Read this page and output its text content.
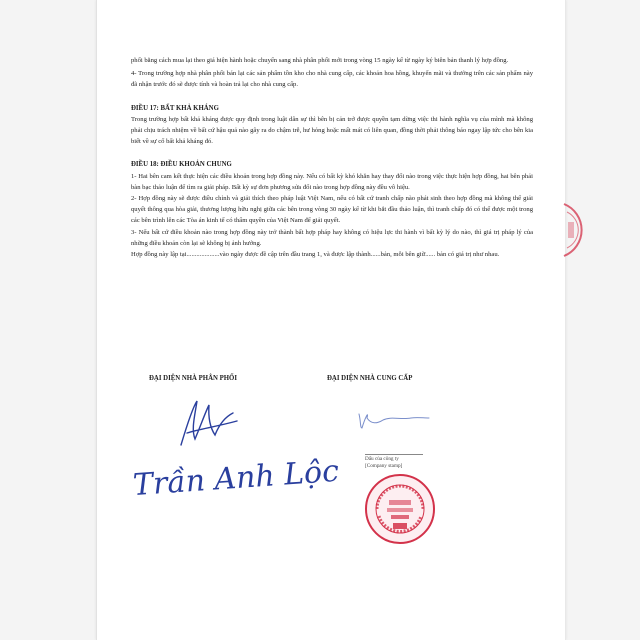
phối bằng cách mua lại theo giá hiện hành hoặc chuyển sang nhà phân phối mới trong vòng 15 ngày kể từ ngày ký biên bản thanh lý hợp đồng.

4- Trong trường hợp nhà phân phối bán lại các sản phẩm tồn kho cho nhà cung cấp, các khoản hoa hồng, khuyến mãi và thưởng trên các sản phẩm này đã nhận trước đó sẽ được tính và hoàn trả lại cho nhà cung cấp.

ĐIỀU 17: BẤT KHẢ KHÁNG

Trong trường hợp bất khả kháng được quy định trong luật dân sự thì bên bị cản trở được quyền tạm dừng việc thi hành nghĩa vụ của mình mà không phải chịu trách nhiệm về bất cứ hậu quả nào gây ra do chậm trễ, hư hỏng hoặc mất mát có liên quan, đồng thời phải thông báo ngay lập tức cho bên kia biết về sự cố bất khả kháng đó.

ĐIỀU 18: ĐIỀU KHOẢN CHUNG

1- Hai bên cam kết thực hiện các điều khoản trong hợp đồng này. Nếu có bất kỳ khó khăn hay thay đổi nào trong việc thực hiện hợp đồng, hai bên phải bàn bạc thảo luận để tìm ra giải pháp. Bất kỳ sự đơn phương sửa đổi nào trong hợp đồng này đều vô hiệu.

2- Hợp đồng này sẽ được điều chỉnh và giải thích theo pháp luật Việt Nam, nếu có bất cứ tranh chấp nào phát sinh theo hợp đồng mà không thể giải quyết thông qua hòa giải, thương lượng hữu nghị giữa các bên trong vòng 30 ngày kể từ khi bắt đầu thảo luận, thì tranh chấp đó có thể được một trong các bên trình lên các Tòa án kinh tế có thẩm quyền của Việt Nam để giải quyết.

3- Nếu bất cứ điều khoản nào trong hợp đồng này trở thành bất hợp pháp hay không có hiệu lực thi hành vì bất kỳ lý do nào, thì giá trị pháp lý của những điều khoản còn lại sẽ không bị ảnh hưởng.

Hợp đồng này lập tại....................vào ngày được đề cập trên đầu trang 1, và được lập thành......bản, mỗi bên giữ...... bản có giá trị như nhau.

ĐẠI DIỆN NHÀ PHÂN PHỐI	ĐẠI DIỆN NHÀ CUNG CẤP
Trần Anh Lộc	Dấu của công ty
[Company stamp]
